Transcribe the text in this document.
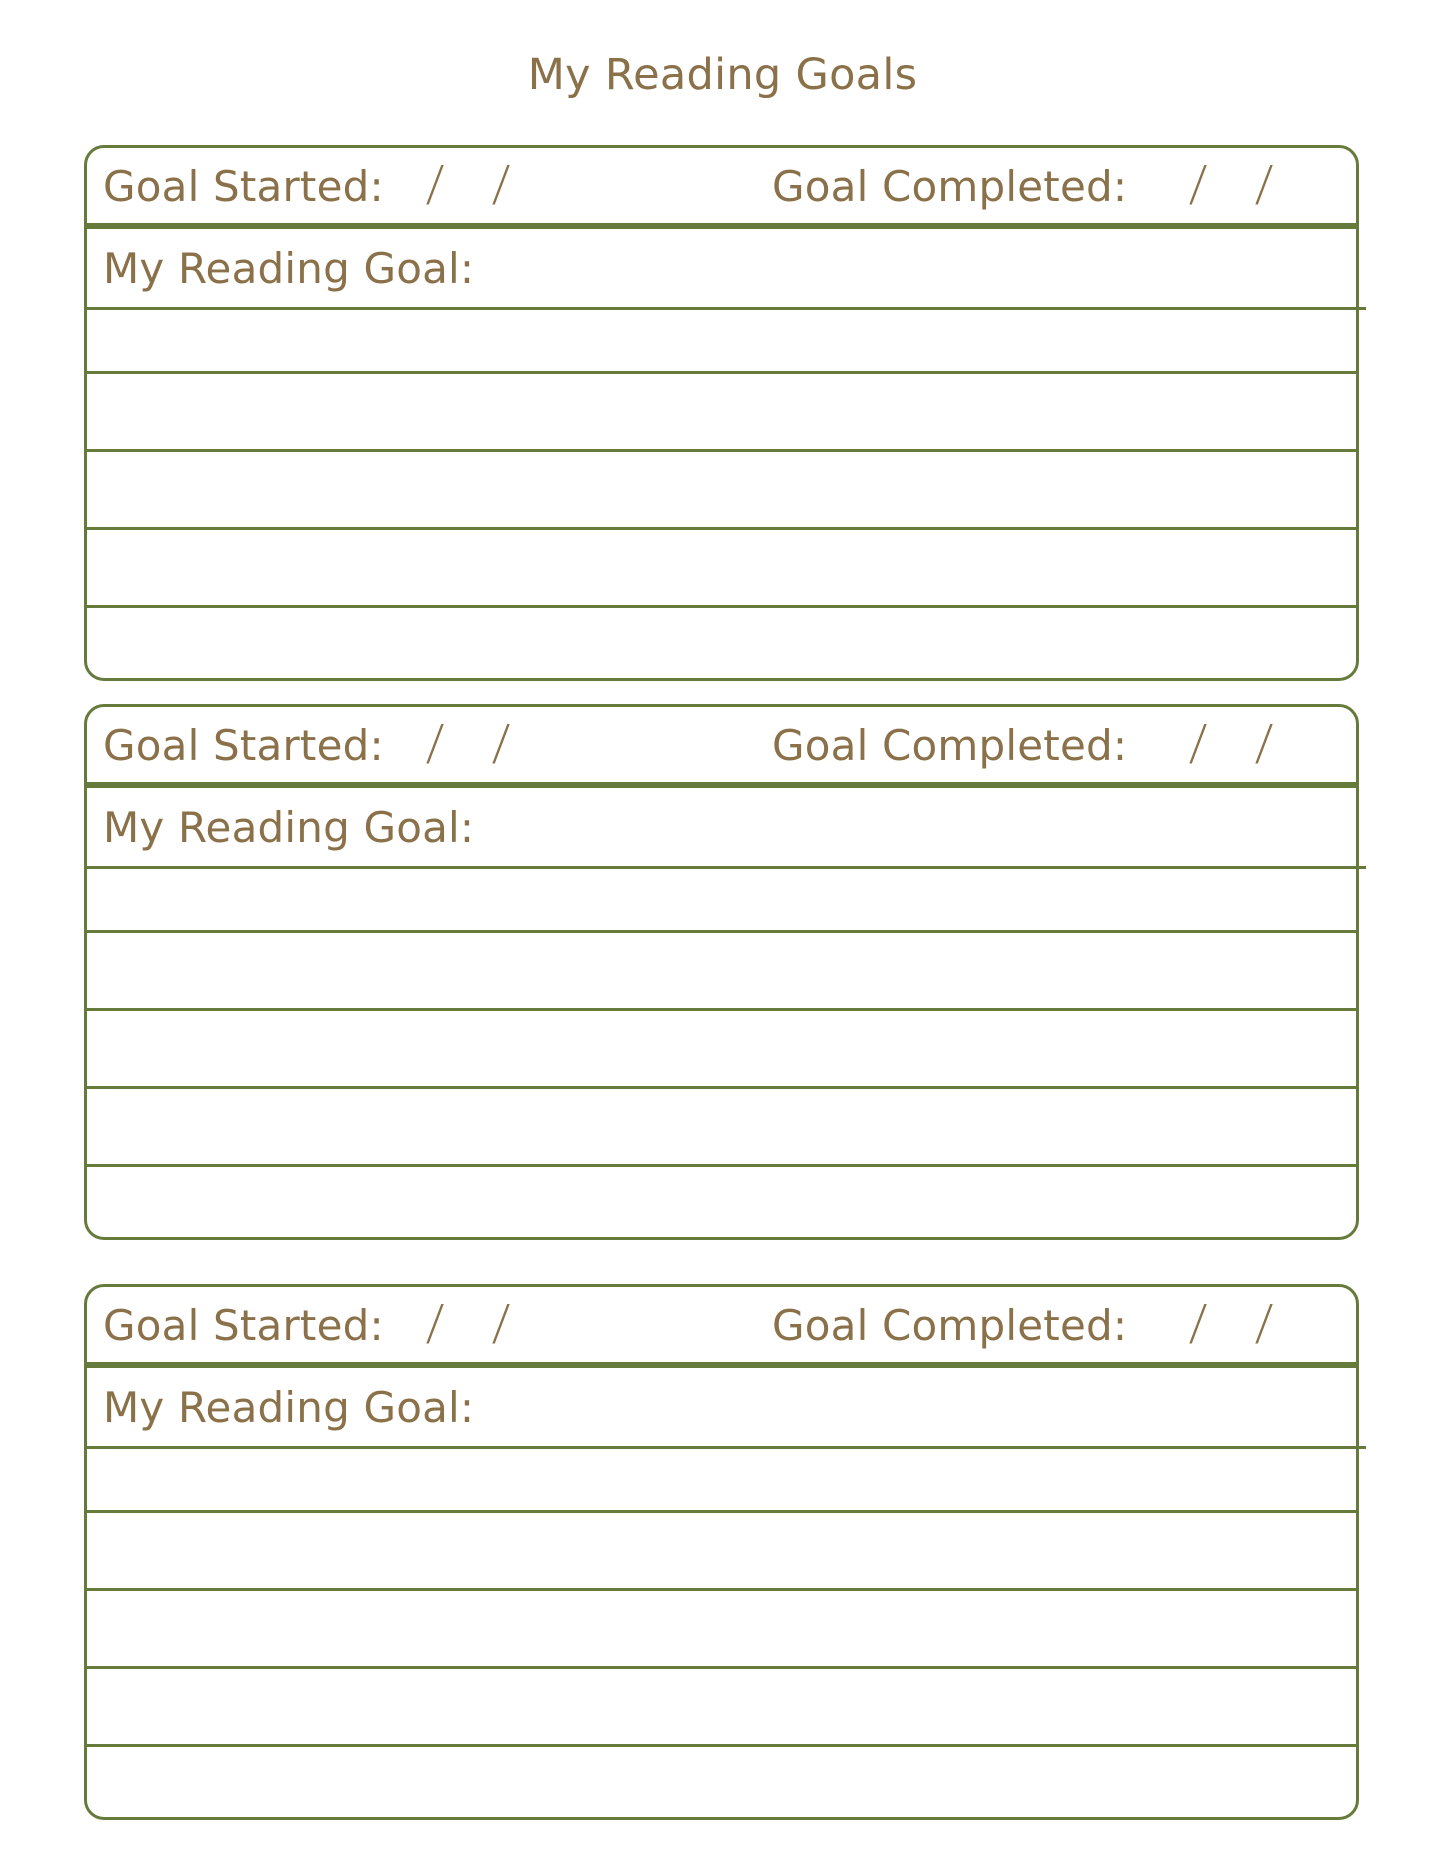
My Reading Goals
Goal Started: / /	Goal Completed: / /
My Reading Goal:
Goal Started: / /	Goal Completed: / /
My Reading Goal:
Goal Started: / /	Goal Completed: / /
My Reading Goal:
